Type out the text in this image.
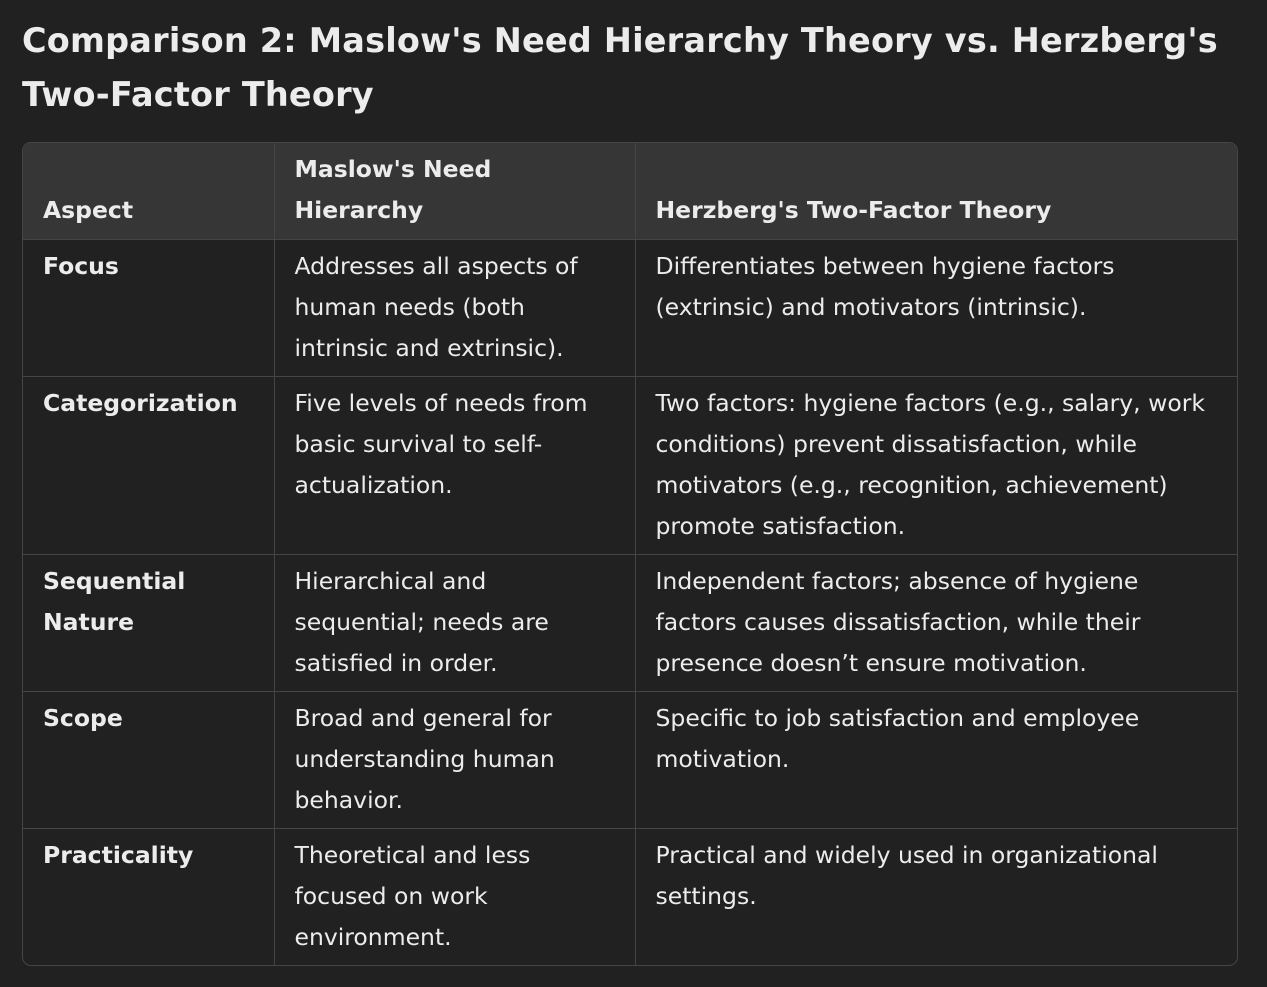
Comparison 2: Maslow's Need Hierarchy Theory vs. Herzberg's Two-Factor Theory
Aspect	Maslow's Need Hierarchy	Herzberg's Two-Factor Theory
Focus	Addresses all aspects of human needs (both intrinsic and extrinsic).	Differentiates between hygiene factors (extrinsic) and motivators (intrinsic).
Categorization	Five levels of needs from basic survival to self-actualization.	Two factors: hygiene factors (e.g., salary, work conditions) prevent dissatisfaction, while motivators (e.g., recognition, achievement) promote satisfaction.
Sequential Nature	Hierarchical and sequential; needs are satisfied in order.	Independent factors; absence of hygiene factors causes dissatisfaction, while their presence doesn’t ensure motivation.
Scope	Broad and general for understanding human behavior.	Specific to job satisfaction and employee motivation.
Practicality	Theoretical and less focused on work environment.	Practical and widely used in organizational settings.
